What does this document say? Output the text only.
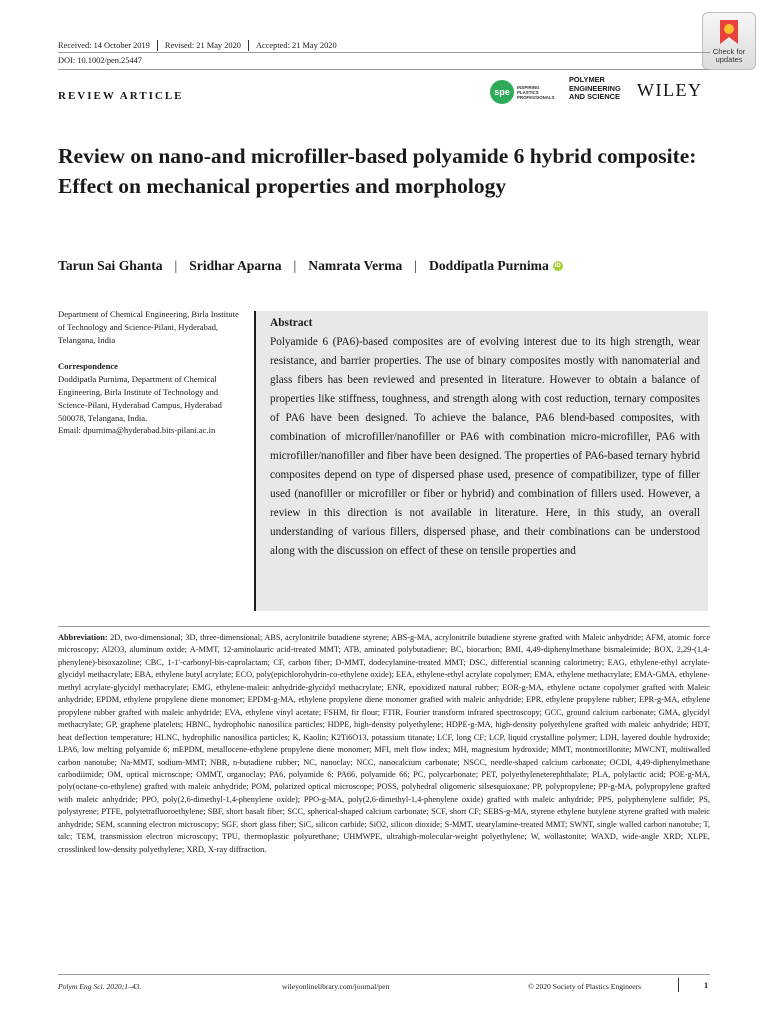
Check for
updates
Received: 14 October 2019 Revised: 21 May 2020 Accepted: 21 May 2020
DOI: 10.1002/pen.25447
REVIEW ARTICLE	spe	INSPIRING
PLASTICS
PROFESSIONALS
POLYMER
ENGINEERING
AND SCIENCE WILEY
Review on nano-and microfiller-based polyamide 6 hybrid composite: Effect on mechanical properties and morphology
Tarun Sai Ghanta | Sridhar Aparna | Namrata Verma | Doddipatla Purnima	iD

Department of Chemical Engineering, Birla Institute of Technology and Science-Pilani, Hyderabad, Telangana, India

Correspondence

Doddipatla Purnima, Department of Chemical Engineering, Birla Institute of Technology and Science-Pilani, Hyderabad Campus, Hyderabad 500078, Telangana, India.

Email: dpurnima@hyderabad.bits-pilani.ac.in

Abstract
Polyamide 6 (PA6)-based composites are of evolving interest due to its high strength, wear resistance, and barrier properties. The use of binary composites mostly with nanomaterial and glass fibers has been reviewed and presented in literature. However to obtain a balance of properties like stiffness, toughness, and strength along with cost reduction, ternary composites of PA6 have been designed. To achieve the balance, PA6 blend-based composites, with combination of microfiller/nanofiller or PA6 with combination micro-microfiller, PA6 with microfiller/nanofiller and fiber have been designed. The properties of PA6-based ternary hybrid composites depend on type of dispersed phase used, presence of compatibilizer, type of filler used (nanofiller or microfiller or fiber or hybrid) and combination of fillers used. However, a review in this direction is not available in literature. Here, in this study, an overall understanding of various fillers, dispersed phase, and their combinations can be understood along with the discussion on effect of these on tensile properties and
Abbreviation: 2D, two-dimensional; 3D, three-dimensional; ABS, acrylonitrile butadiene styrene; ABS-g-MA, acrylonitrile butadiene styrene grafted with Maleic anhydride; AFM, atomic force microscopy; Al2O3, aluminum oxide; A-MMT, 12-aminolauric acid-treated MMT; ATB, aminated polybutadiene; BC, biocarbon; BMI, 4,49-diphenylmethane bismaleimide; BOX, 2,29-(1,4-phenylene)-bisoxazoline; CBC, 1-1′-carbonyl-bis-caprolactam; CF, carbon fiber; D-MMT, dodecylamine-treated MMT; DSC, differential scanning calorimetry; EAG, ethylene-ethyl acrylate-glycidyl methacrylate; EBA, ethylene butyl acrylate; ECO, poly(epichlorohydrin-co-ethylene oxide); EEA, ethylene-ethyl acrylate copolymer; EMA, ethylene methacrylate; EMA-GMA, ethylene-methyl acrylate-glycidyl methacrylate; EMG, ethylene-maleic anhydride-glycidyl methacrylate; ENR, epoxidized natural rubber; EOR-g-MA, ethylene octane copolymer grafted with Maleic anhydride; EPDM, ethylene propylene diene monomer; EPDM-g-MA, ethylene propylene diene monomer grafted with maleic anhydride; EPR, ethylene propylene rubber; EPR-g-MA, ethylene propylene rubber grafted with maleic anhydride; EVA, ethylene vinyl acetate; FSHM, fir flour; FTIR, Fourier transform infrared spectroscopy; GCC, ground calcium carbonate; GMA, glycidyl methacrylate; GP, graphene platelets; HBNC, hydrophobic nanosilica particles; HDPE, high-density polyethylene; HDPE-g-MA, high-density polyethylene grafted with maleic anhydride; HDT, heat deflection temperature; HLNC, hydrophilic nanosilica particles; K, Kaolin; K2Ti6O13, potassium titanate; LCF, long CF; LCP, liquid crystalline polymer; LDH, layered double hydroxide; LPA6, low melting polyamide 6; mEPDM, metallocene-ethylene propylene diene monomer; MFI, melt flow index; MH, magnesium hydroxide; MMT, montmorillonite; MWCNT, multiwalled carbon nanotube; Na-MMT, sodium-MMT; NBR, n-butadiene rubber; NC, nanoclay; NCC, nanocalcium carbonate; NSCC, needle-shaped calcium carbonate; OCDI, 4,49-diphenylmethane carbodiimide; OM, optical microscope; OMMT, organoclay; PA6, polyamide 6; PA66, polyamide 66; PC, polycarbonate; PET, polyethyleneterephthalate; PLA, polylactic acid; POE-g-MA, poly(octane-co-ethylene) grafted with maleic anhydride; POM, polarized optical microscope; POSS, polyhedral oligomeric silsesquioxane; PP, polypropylene; PP-g-MA, polypropylene grafted with maleic anhydride; PPO, poly(2,6-dimethyl-1,4-phenylene oxide); PPO-g-MA, poly(2,6-dimethyl-1,4-phenylene oxide) grafted with maleic anhydride; PPS, polyphenylene sulfide; PS, polystyrene; PTFE, polytetrafluoroethylene; SBF, short basalt fiber; SCC, spherical-shaped calcium carbonate; SCF, short CF; SEBS-g-MA, styrene ethylene butylene styrene grafted with maleic anhydride; SEM, scanning electron microscopy; SGF, short glass fiber; SiC, silicon carbide; SiO2, silicon dioxide; S-MMT, stearylamine-treated MMT; SWNT, single walled carbon nanotube; T, talc; TEM, transmission electron microscopy; TPU, thermoplastic polyurethane; UHMWPE, ultrahigh-molecular-weight polyethylene; W, wollastonite; WAXD, wide-angle XRD; XLPE, crosslinked low-density polyethylene; XRD, X-ray diffraction.
Polym Eng Sci. 2020;1–43.	wileyonlinelibrary.com/journal/pen	© 2020 Society of Plastics Engineers	1
